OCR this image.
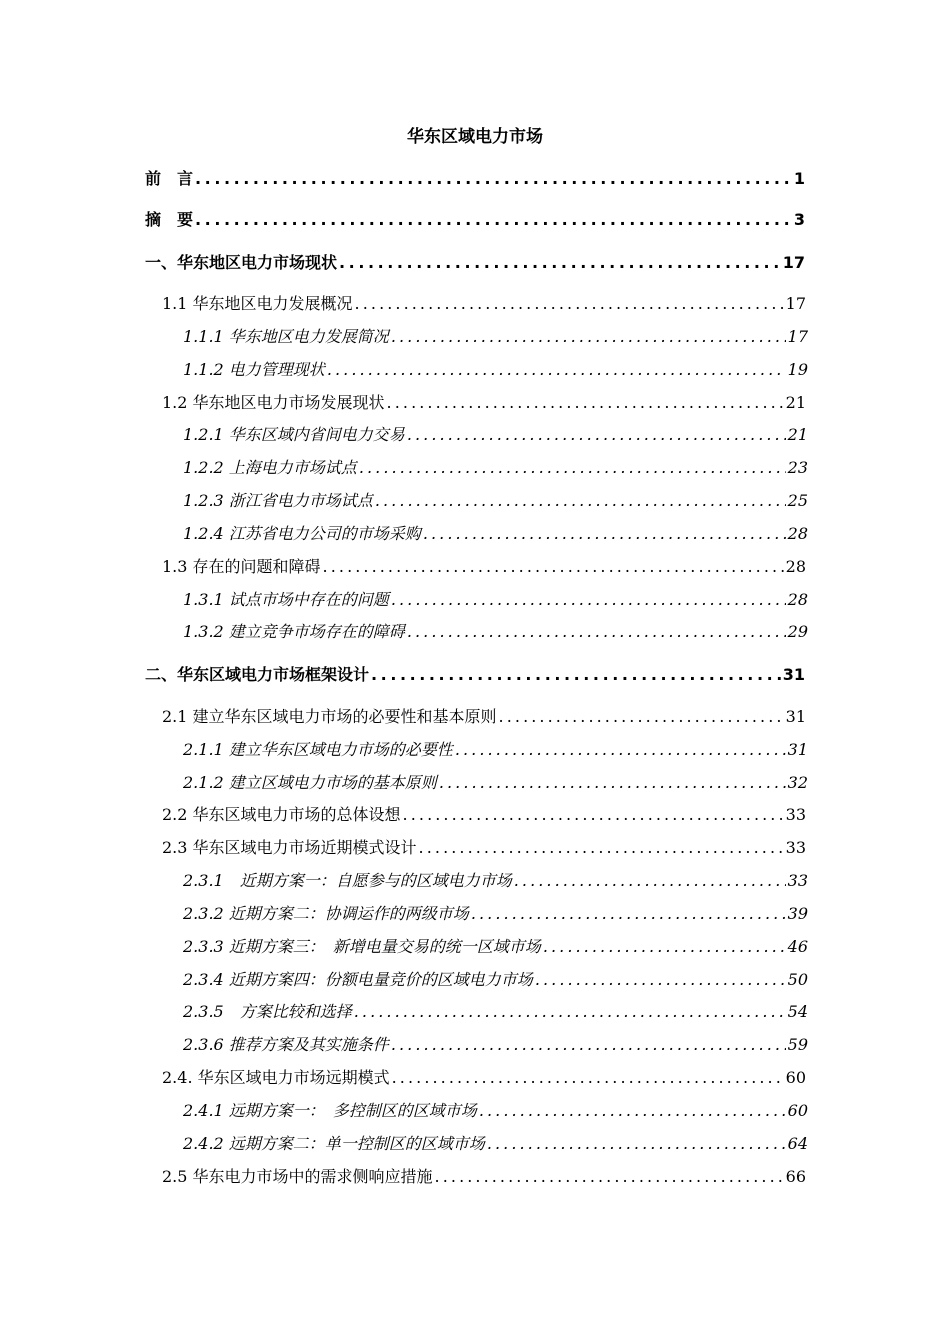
华东区域电力市场
前　言 . . .	1
摘　要 . . .	3
一、华东地区电力市场现状 . . .	17
1.1 华东地区电力发展概况 . . .	17
1.1.1 华东地区电力发展简况 . . .	17
1.1.2 电力管理现状 . . .	19
1.2 华东地区电力市场发展现状 . . .	21
1.2.1 华东区域内省间电力交易 . . .	21
1.2.2 上海电力市场试点 . . .	23
1.2.3 浙江省电力市场试点 . . .	25
1.2.4 江苏省电力公司的市场采购 . . .	28
1.3 存在的问题和障碍 . . .	28
1.3.1 试点市场中存在的问题 . . .	28
1.3.2 建立竞争市场存在的障碍 . . .	29
二、华东区域电力市场框架设计 . . .	31
2.1 建立华东区域电力市场的必要性和基本原则 . . .	31
2.1.1 建立华东区域电力市场的必要性 . . .	31
2.1.2 建立区域电力市场的基本原则 . . .	32
2.2 华东区域电力市场的总体设想 . . .	33
2.3 华东区域电力市场近期模式设计 . . .	33
2.3.1　近期方案一：自愿参与的区域电力市场 . . .	33
2.3.2 近期方案二：协调运作的两级市场 . . .	39
2.3.3 近期方案三：　新增电量交易的统一区域市场 . . .	46
2.3.4 近期方案四：份额电量竞价的区域电力市场 . . .	50
2.3.5　方案比较和选择 . . .	54
2.3.6 推荐方案及其实施条件 . . .	59
2.4. 华东区域电力市场远期模式 . . .	60
2.4.1 远期方案一：　多控制区的区域市场 . . .	60
2.4.2 远期方案二：单一控制区的区域市场 . . .	64
2.5 华东电力市场中的需求侧响应措施 . . .	66
